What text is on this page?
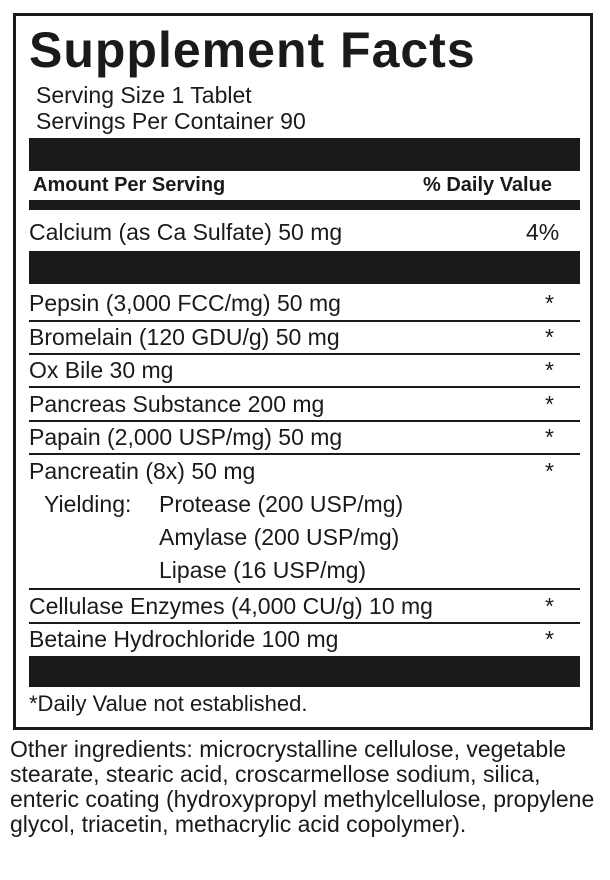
Supplement Facts
Serving Size 1 Tablet
Servings Per Container 90
Amount Per Serving	% Daily Value
Calcium (as Ca Sulfate) 50 mg	4%
Pepsin (3,000 FCC/mg) 50 mg	*
Bromelain (120 GDU/g) 50 mg	*
Ox Bile 30 mg	*
Pancreas Substance 200 mg	*
Papain (2,000 USP/mg) 50 mg	*
Pancreatin (8x) 50 mg	*
Yielding: Protease (200 USP/mg)
Amylase (200 USP/mg)
Lipase (16 USP/mg)
Cellulase Enzymes (4,000 CU/g) 10 mg	*
Betaine Hydrochloride 100 mg	*
*Daily Value not established.
Other ingredients: microcrystalline cellulose, vegetable stearate, stearic acid, croscarmellose sodium, silica, enteric coating (hydroxypropyl methylcellulose, propylene glycol, triacetin, methacrylic acid copolymer).
